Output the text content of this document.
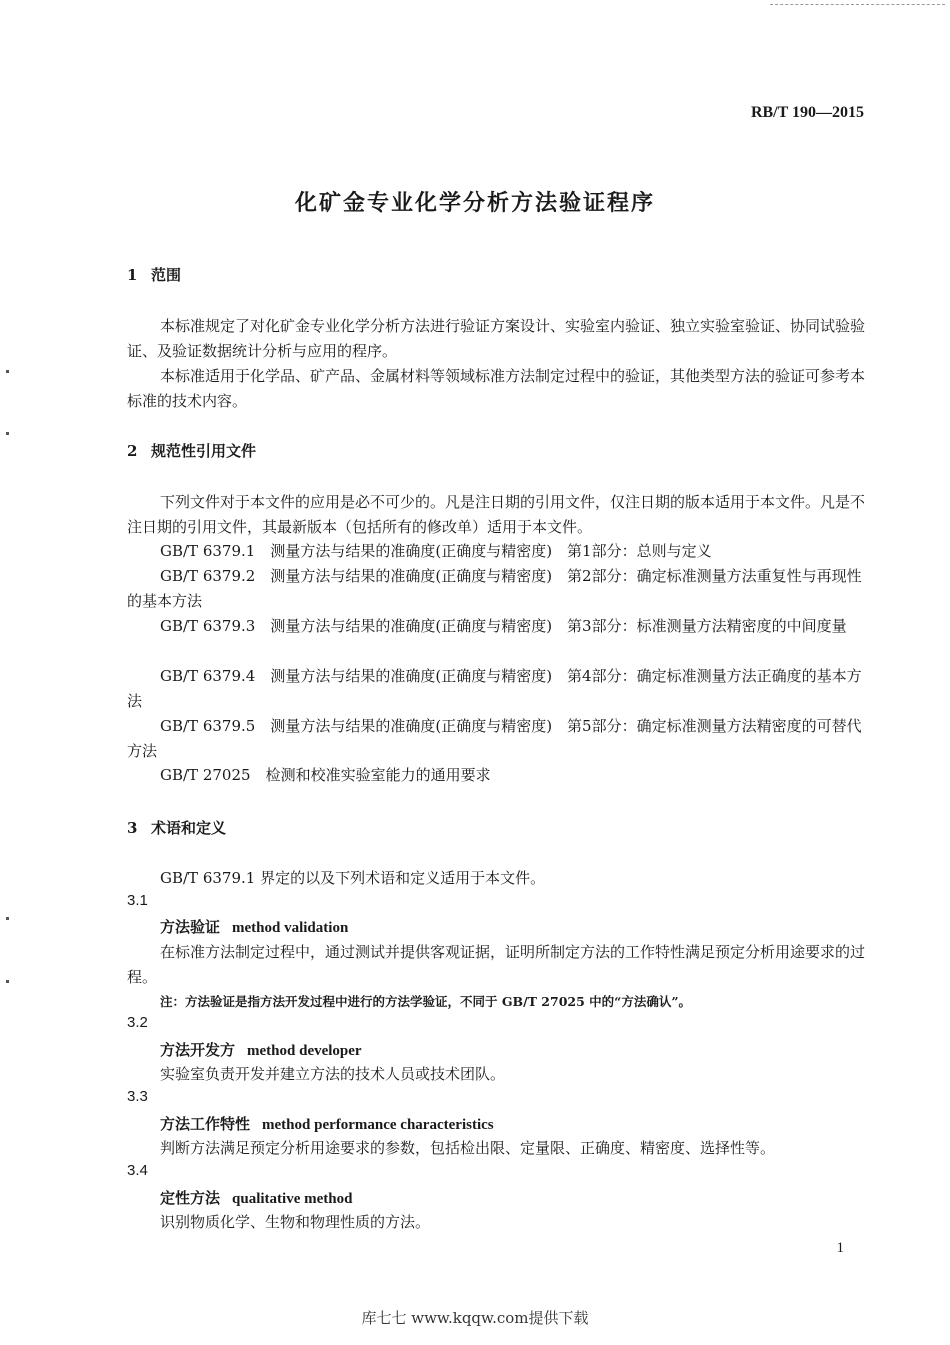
RB/T 190—2015
化矿金专业化学分析方法验证程序
1 范围
本标准规定了对化矿金专业化学分析方法进行验证方案设计、实验室内验证、独立实验室验证、协同试验验证、及验证数据统计分析与应用的程序。
本标准适用于化学品、矿产品、金属材料等领域标准方法制定过程中的验证，其他类型方法的验证可参考本标准的技术内容。
2 规范性引用文件
下列文件对于本文件的应用是必不可少的。凡是注日期的引用文件，仅注日期的版本适用于本文件。凡是不注日期的引用文件，其最新版本（包括所有的修改单）适用于本文件。
GB/T 6379.1　 测量方法与结果的准确度(正确度与精密度)　第1部分：总则与定义
GB/T 6379.2　 测量方法与结果的准确度(正确度与精密度)　第2部分：确定标准测量方法重复性与再现性的基本方法
GB/T 6379.3　 测量方法与结果的准确度(正确度与精密度)　第3部分：标准测量方法精密度的中间度量
GB/T 6379.4　 测量方法与结果的准确度(正确度与精密度)　第4部分：确定标准测量方法正确度的基本方法
GB/T 6379.5　 测量方法与结果的准确度(正确度与精密度)　第5部分：确定标准测量方法精密度的可替代方法
GB/T 27025　 检测和校准实验室能力的通用要求
3 术语和定义
GB/T 6379.1 界定的以及下列术语和定义适用于本文件。
3.1
方法验证 method validation
在标准方法制定过程中，通过测试并提供客观证据，证明所制定方法的工作特性满足预定分析用途要求的过程。
注：方法验证是指方法开发过程中进行的方法学验证，不同于 GB/T 27025 中的“方法确认”。
3.2
方法开发方 method developer
实验室负责开发并建立方法的技术人员或技术团队。
3.3
方法工作特性 method performance characteristics
判断方法满足预定分析用途要求的参数，包括检出限、定量限、正确度、精密度、选择性等。
3.4
定性方法 qualitative method
识别物质化学、生物和物理性质的方法。
1
库七七 www.kqqw.com提供下载
